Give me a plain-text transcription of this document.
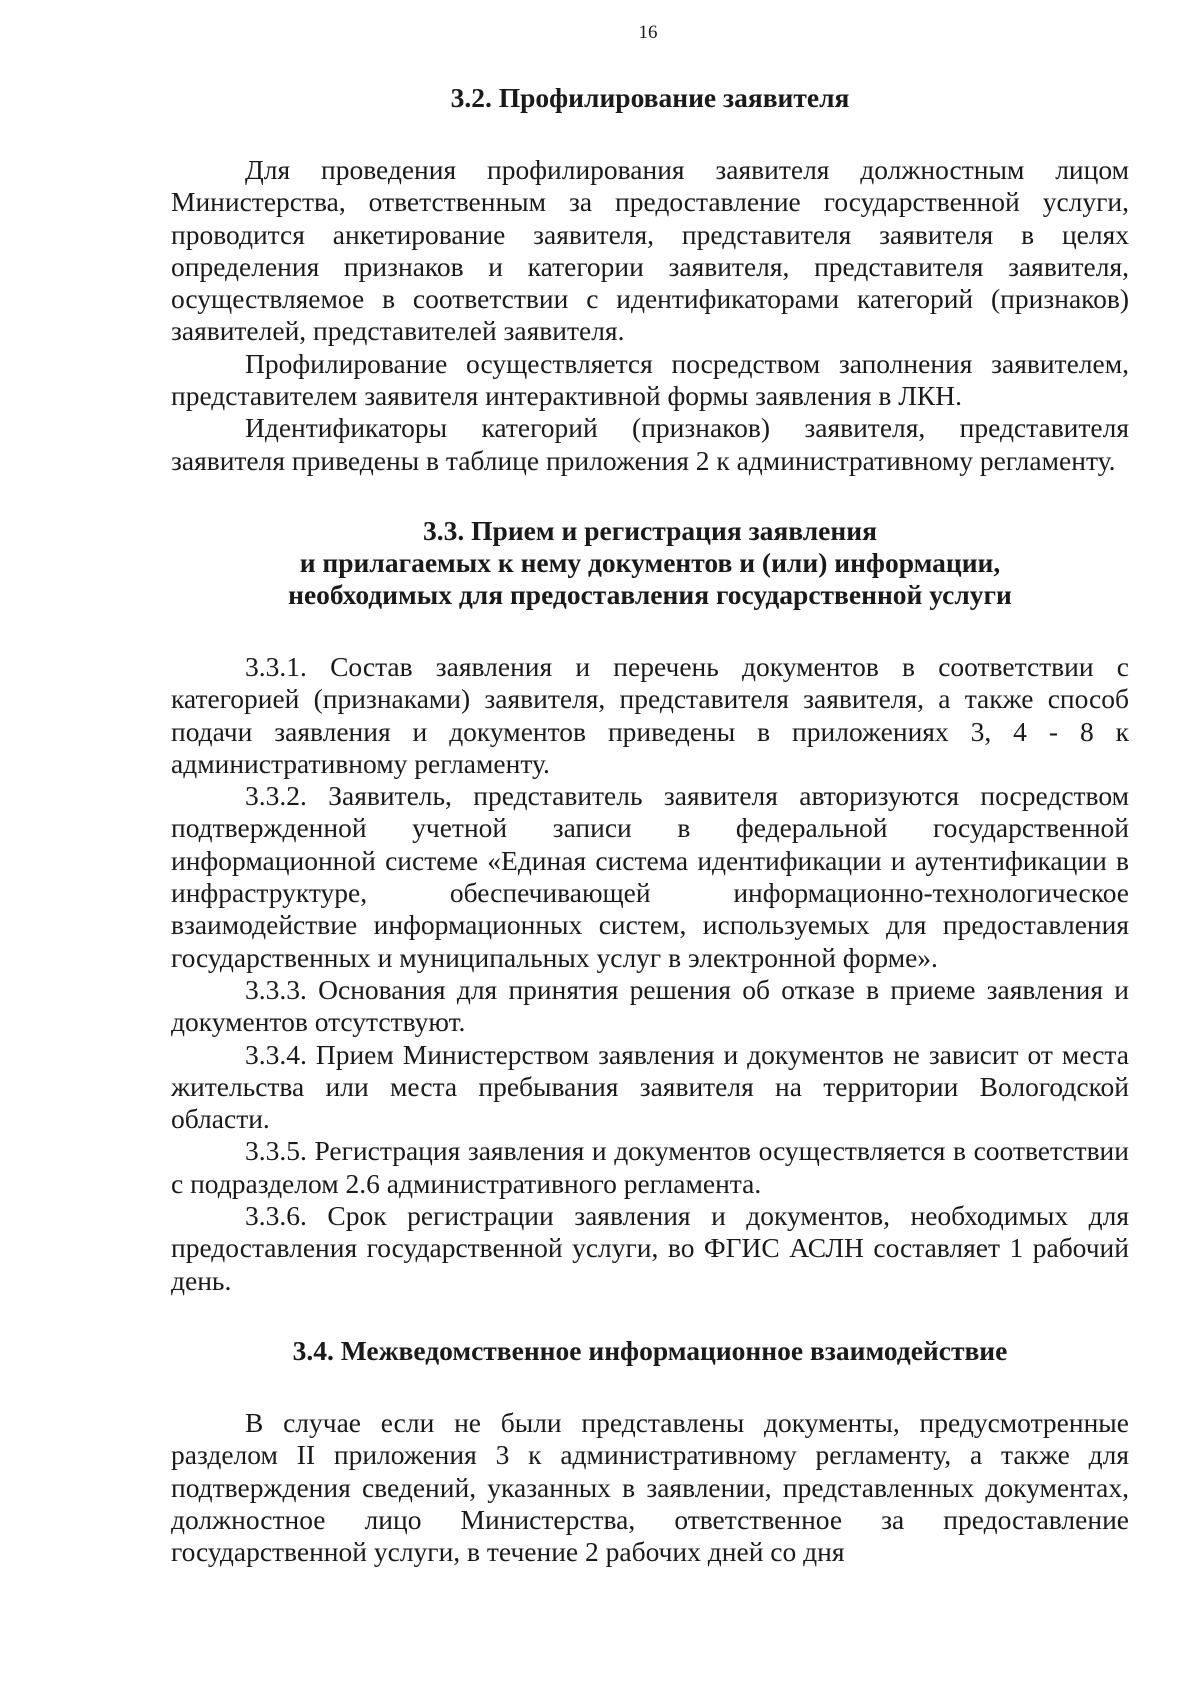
16
3.2. Профилирование заявителя

Для проведения профилирования заявителя должностным лицом Министерства, ответственным за предоставление государственной услуги, проводится анкетирование заявителя, представителя заявителя в целях определения признаков и категории заявителя, представителя заявителя, осуществляемое в соответствии с идентификаторами категорий (признаков) заявителей, представителей заявителя.

Профилирование осуществляется посредством заполнения заявителем, представителем заявителя интерактивной формы заявления в ЛКН.

Идентификаторы категорий (признаков) заявителя, представителя заявителя приведены в таблице приложения 2 к административному регламенту.

3.3. Прием и регистрация заявления
и прилагаемых к нему документов и (или) информации,
необходимых для предоставления государственной услуги

3.3.1. Состав заявления и перечень документов в соответствии с категорией (признаками) заявителя, представителя заявителя, а также способ подачи заявления и документов приведены в приложениях 3, 4 - 8 к административному регламенту.

3.3.2. Заявитель, представитель заявителя авторизуются посредством подтвержденной учетной записи в федеральной государственной информационной системе «Единая система идентификации и аутентификации в инфраструктуре, обеспечивающей информационно-технологическое взаимодействие информационных систем, используемых для предоставления государственных и муниципальных услуг в электронной форме».

3.3.3. Основания для принятия решения об отказе в приеме заявления и документов отсутствуют.

3.3.4. Прием Министерством заявления и документов не зависит от места жительства или места пребывания заявителя на территории Вологодской области.

3.3.5. Регистрация заявления и документов осуществляется в соответствии с подразделом 2.6 административного регламента.

3.3.6. Срок регистрации заявления и документов, необходимых для предоставления государственной услуги, во ФГИС АСЛН составляет 1 рабочий день.

3.4. Межведомственное информационное взаимодействие

В случае если не были представлены документы, предусмотренные разделом II приложения 3 к административному регламенту, а также для подтверждения сведений, указанных в заявлении, представленных документах, должностное лицо Министерства, ответственное за предоставление государственной услуги, в течение 2 рабочих дней со дня
